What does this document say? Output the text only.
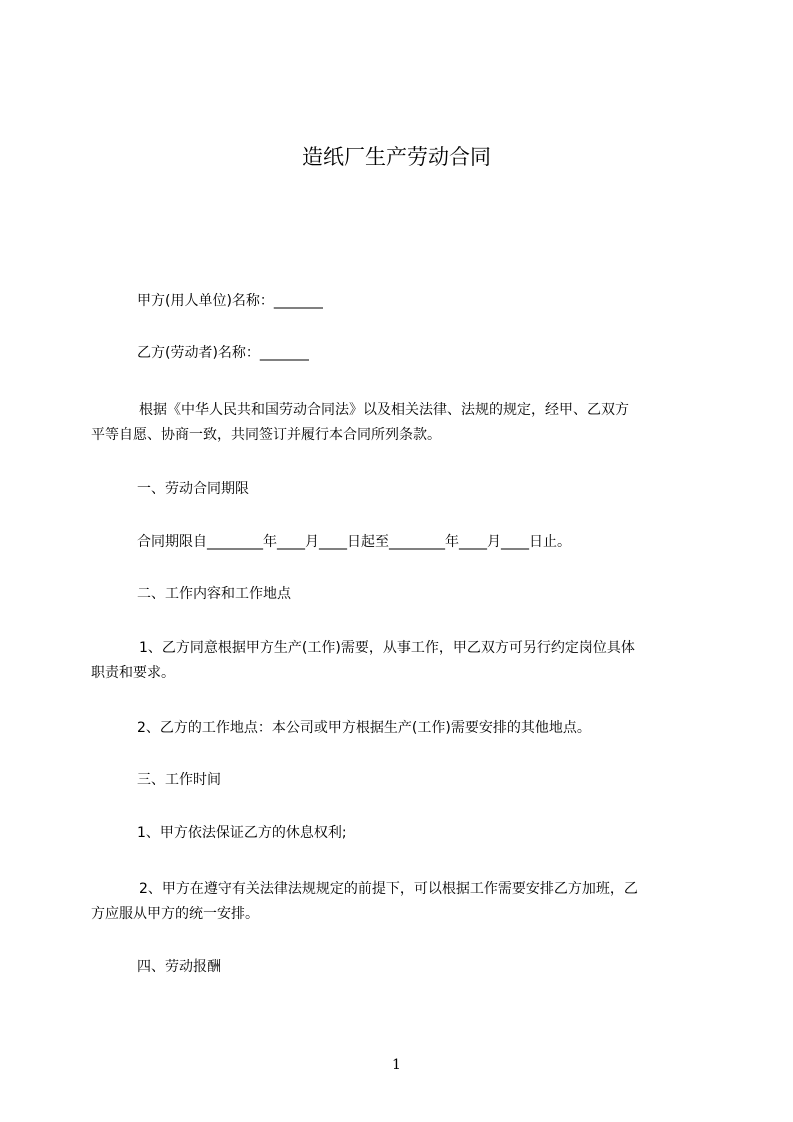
造纸厂生产劳动合同
甲方(用人单位)名称：_______
乙方(劳动者)名称：_______
根据《中华人民共和国劳动合同法》以及相关法律、法规的规定，经甲、乙双方
平等自愿、协商一致，共同签订并履行本合同所列条款。
一、劳动合同期限
合同期限自________年____月____日起至________年____月____日止。
二、工作内容和工作地点
1、乙方同意根据甲方生产(工作)需要，从事工作，甲乙双方可另行约定岗位具体
职责和要求。
2、乙方的工作地点：本公司或甲方根据生产(工作)需要安排的其他地点。
三、工作时间
1、甲方依法保证乙方的休息权利;
2、甲方在遵守有关法律法规规定的前提下，可以根据工作需要安排乙方加班，乙
方应服从甲方的统一安排。
四、劳动报酬
1
